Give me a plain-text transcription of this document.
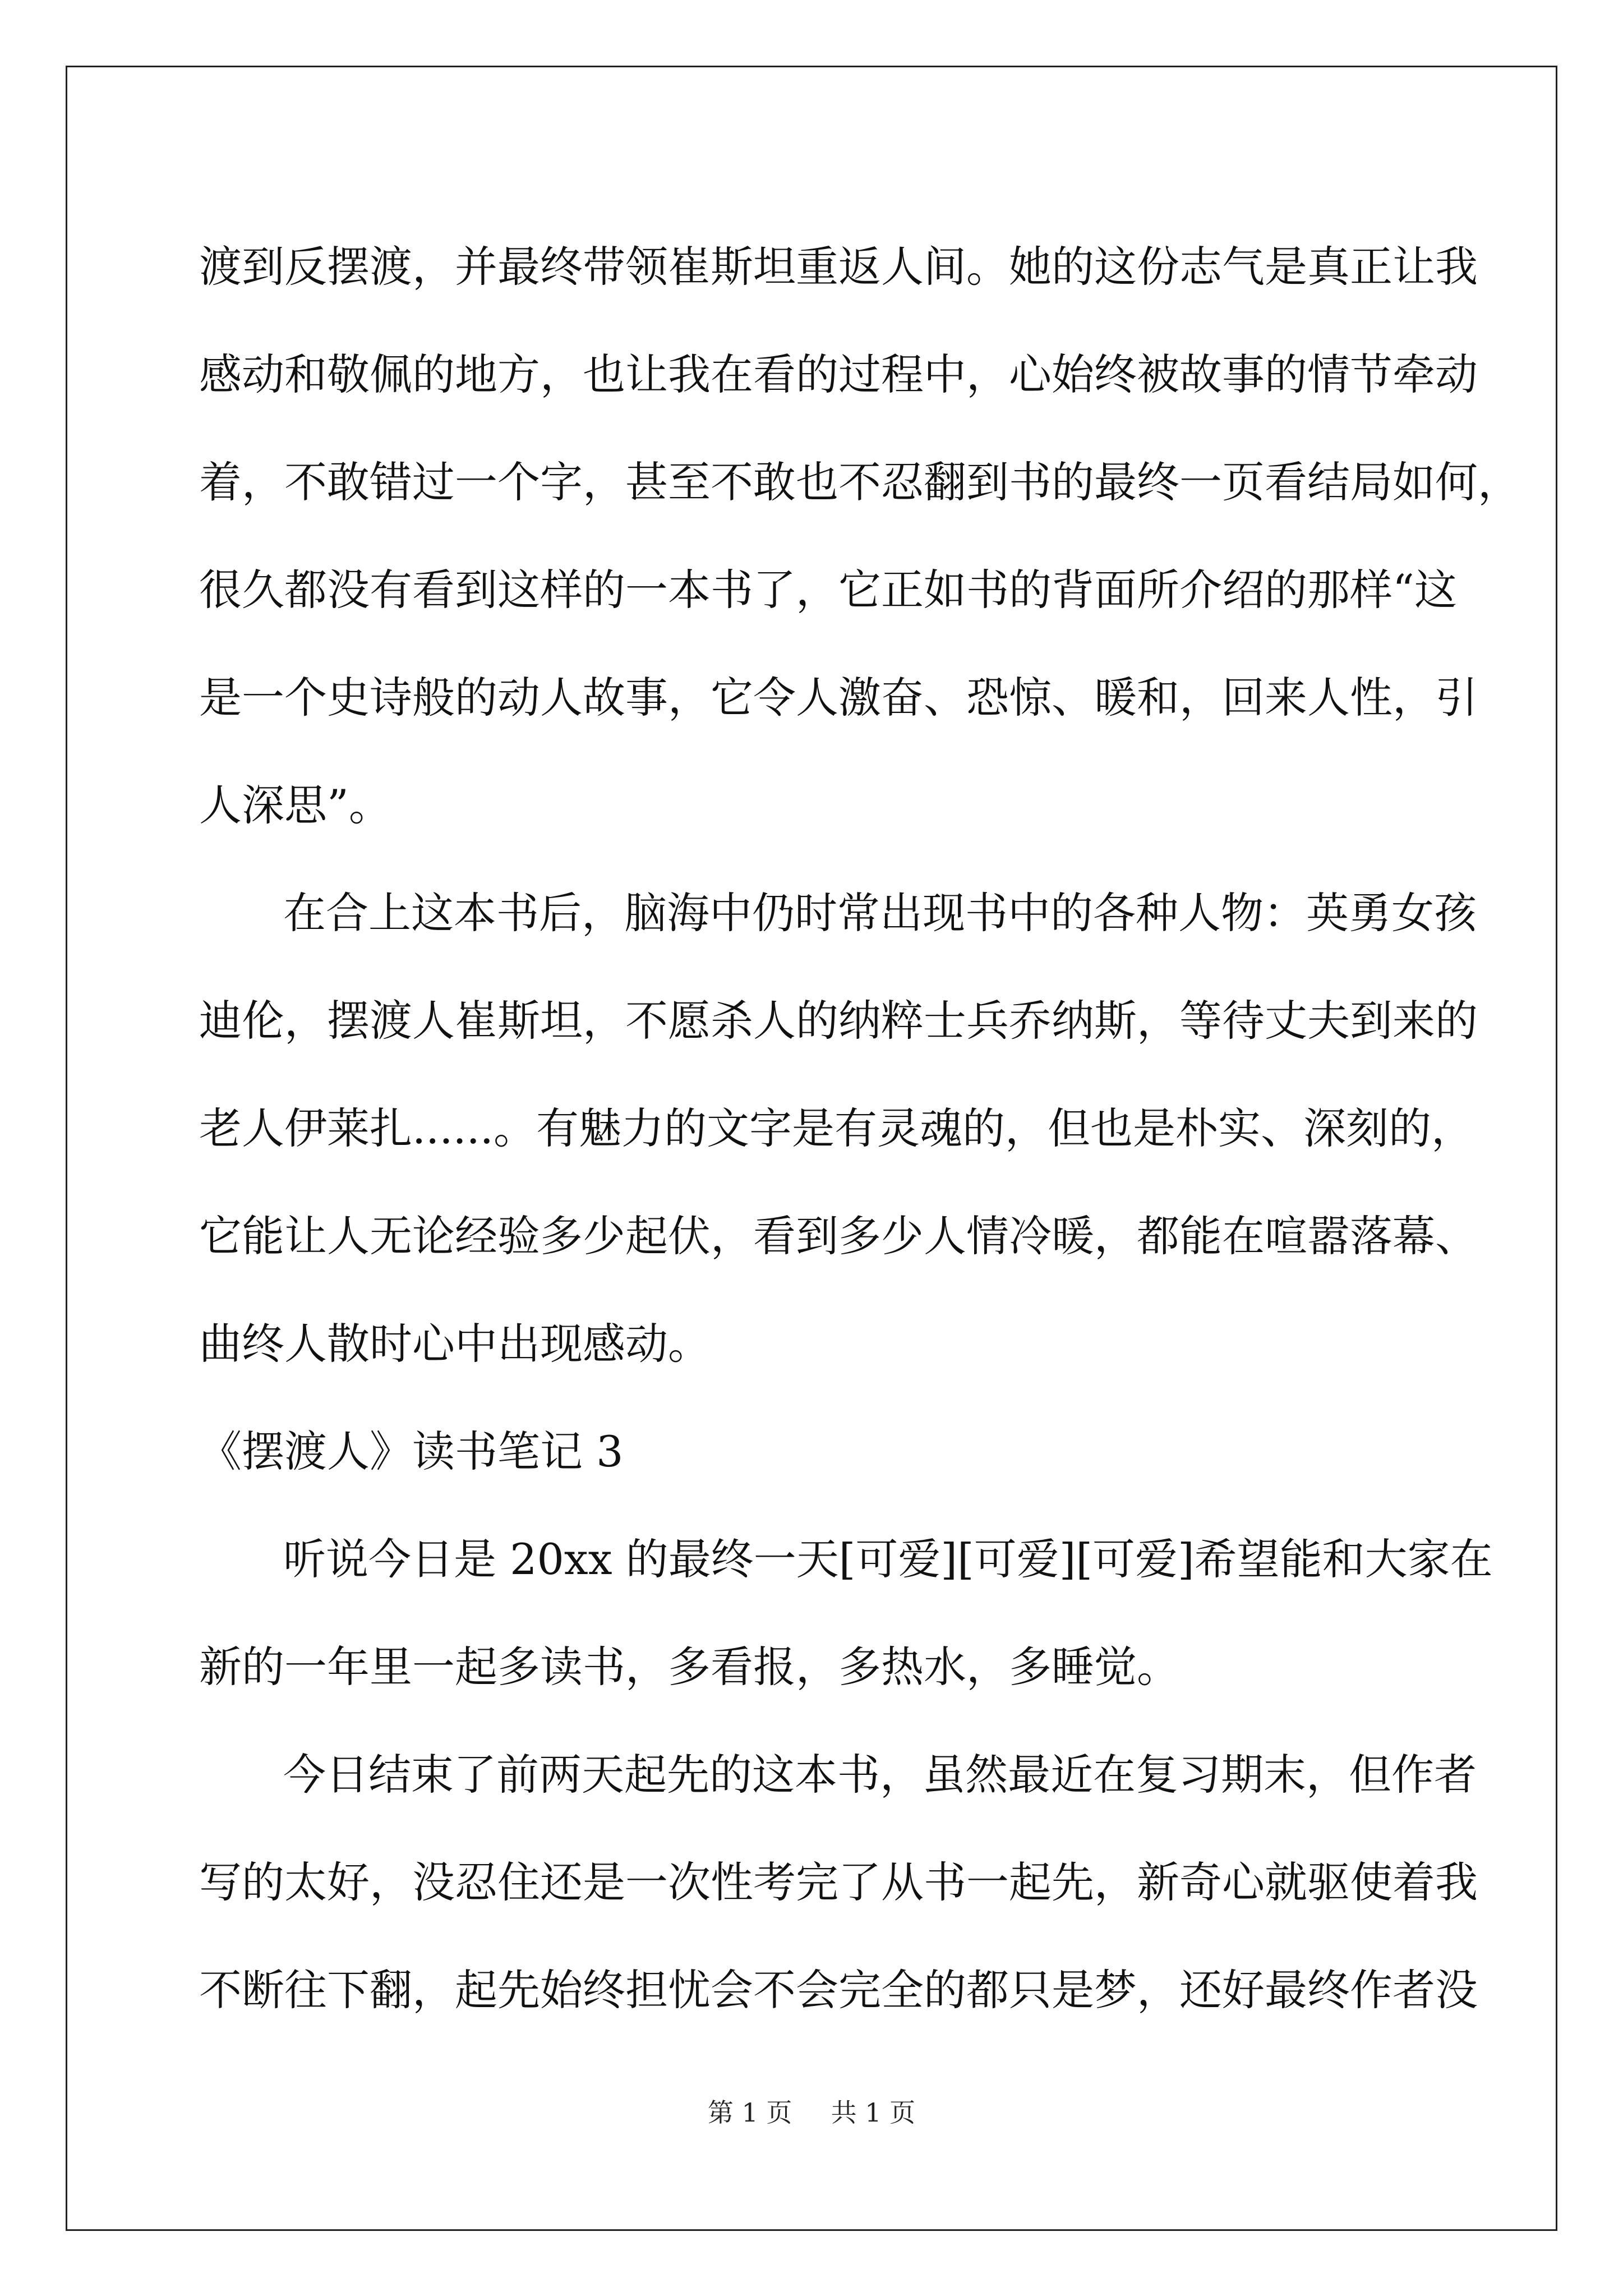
渡到反摆渡，并最终带领崔斯坦重返人间。她的这份志气是真正让我
感动和敬佩的地方，也让我在看的过程中，心始终被故事的情节牵动
着，不敢错过一个字，甚至不敢也不忍翻到书的最终一页看结局如何，
很久都没有看到这样的一本书了，它正如书的背面所介绍的那样“这
是一个史诗般的动人故事，它令人激奋、恐惊、暖和，回来人性，引
人深思”。
在合上这本书后，脑海中仍时常出现书中的各种人物：英勇女孩
迪伦，摆渡人崔斯坦，不愿杀人的纳粹士兵乔纳斯，等待丈夫到来的
老人伊莱扎......。有魅力的文字是有灵魂的，但也是朴实、深刻的，
它能让人无论经验多少起伏，看到多少人情冷暖，都能在喧嚣落幕、
曲终人散时心中出现感动。
《摆渡人》读书笔记 3
听说今日是 20xx 的最终一天[可爱][可爱][可爱]希望能和大家在
新的一年里一起多读书，多看报，多热水，多睡觉。
今日结束了前两天起先的这本书，虽然最近在复习期末，但作者
写的太好，没忍住还是一次性考完了从书一起先，新奇心就驱使着我
不断往下翻，起先始终担忧会不会完全的都只是梦，还好最终作者没
第 1 页 共 1 页
